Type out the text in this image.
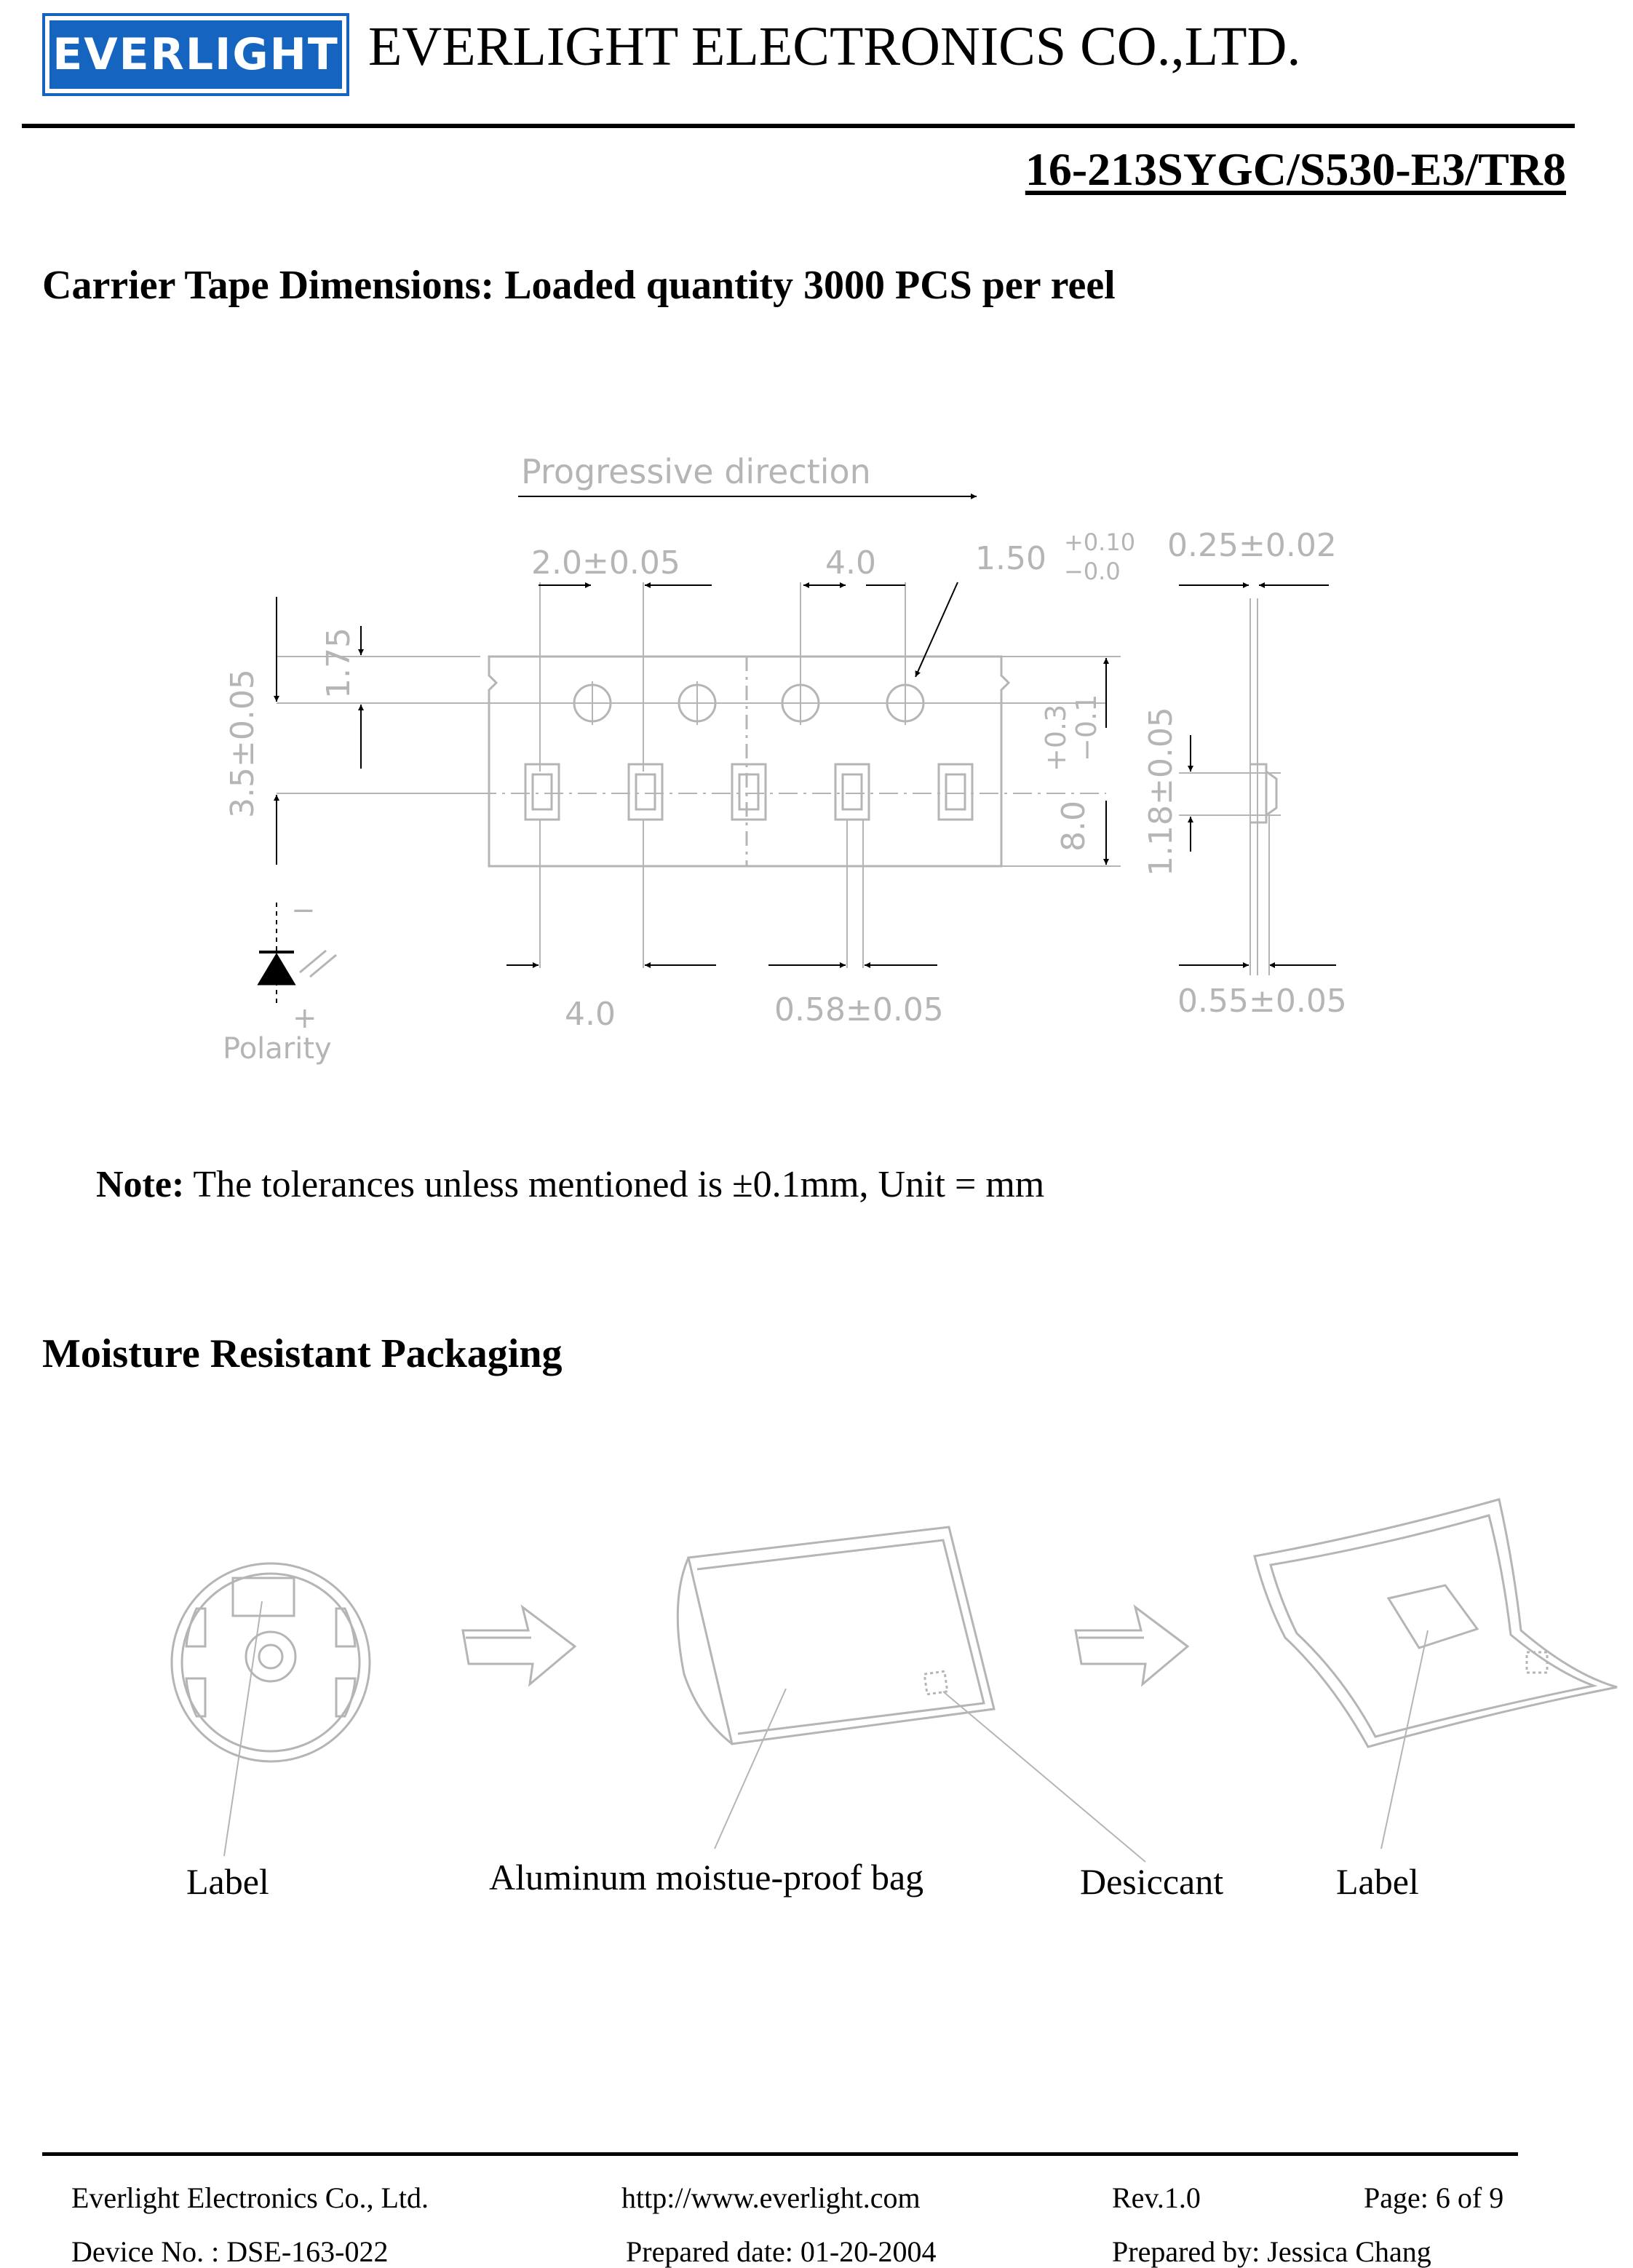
EVERLIGHT EVERLIGHT ELECTRONICS CO.,LTD.
16-213SYGC/S530-E3/TR8
Carrier Tape Dimensions: Loaded quantity 3000 PCS per reel
Progressive direction
2.0±0.05	4.0	1.50 +0.10
−0.0
0.25±0.02
1.75
3.5±0.05
8.0
+0.3
−0.1 1.18±0.05
4.0	0.58±0.05	0.55±0.05
−
+
Polarity
Note: The tolerances unless mentioned is ±0.1mm, Unit = mm
Moisture Resistant Packaging
Label	Aluminum moistue-proof bag	Desiccant	Label
Everlight Electronics Co., Ltd.	http://www.everlight.com	Rev.1.0	Page: 6 of 9
Device No. : DSE-163-022	Prepared date: 01-20-2004	Prepared by: Jessica Chang
